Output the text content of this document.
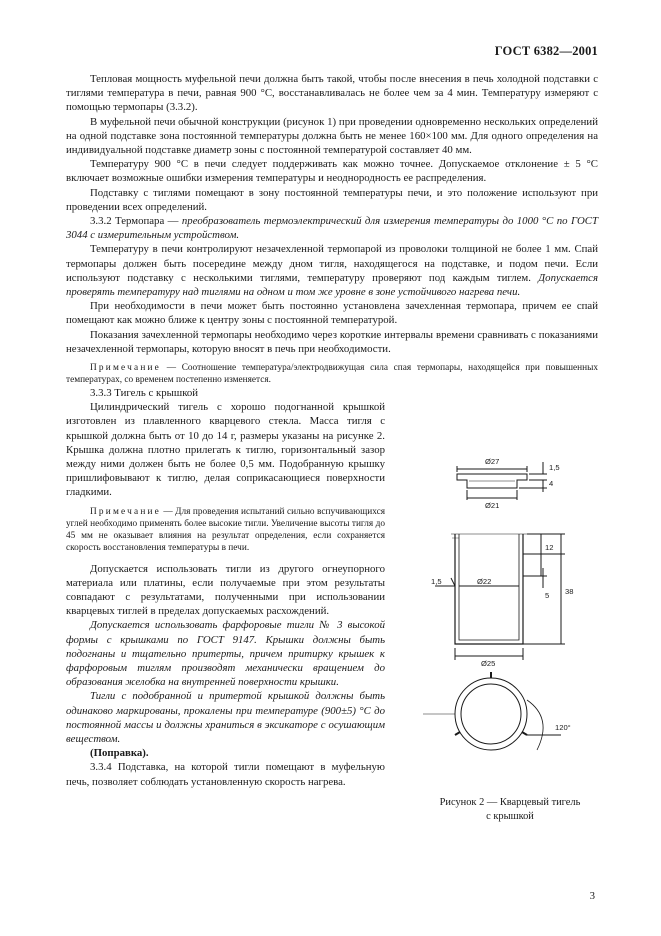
ГОСТ 6382—2001

Тепловая мощность муфельной печи должна быть такой, чтобы после внесения в печь холодной подставки с тиглями температура в печи, равная 900 °С, восстанавливалась не более чем за 4 мин. Температуру измеряют с помощью термопары (3.3.2).

В муфельной печи обычной конструкции (рисунок 1) при проведении одновременно нескольких определений на одной подставке зона постоянной температуры должна быть не менее 160×100 мм. Для одного определения на индивидуальной подставке диаметр зоны с постоянной температурой составляет 40 мм.

Температуру 900 °С в печи следует поддерживать как можно точнее. Допускаемое отклонение ± 5 °С включает возможные ошибки измерения температуры и неоднородность ее распределения.

Подставку с тиглями помещают в зону постоянной температуры печи, и это положение используют при проведении всех определений.

3.3.2 Термопара — преобразователь термоэлектрический для измерения температуры до 1000 °С по ГОСТ 3044 с измерительным устройством.

Температуру в печи контролируют незачехленной термопарой из проволоки толщиной не более 1 мм. Спай термопары должен быть посередине между дном тигля, находящегося на подставке, и подом печи. Если используют подставку с несколькими тиглями, температуру проверяют под каждым тиглем. Допускается проверять температуру над тиглями на одном и том же уровне в зоне устойчивого нагрева печи.

При необходимости в печи может быть постоянно установлена зачехленная термопара, причем ее спай помещают как можно ближе к центру зоны с постоянной температурой.

Показания зачехленной термопары необходимо через короткие интервалы времени сравнивать с показаниями незачехленной термопары, которую вносят в печь при необходимости.

Примечание — Соотношение температура/электродвижущая сила спая термопары, находящейся при повышенных температурах, со временем постепенно изменяется.

3.3.3 Тигель с крышкой

Цилиндрический тигель с хорошо подогнанной крышкой изготовлен из плавленного кварцевого стекла. Масса тигля с крышкой должна быть от 10 до 14 г, размеры указаны на рисунке 2. Крышка должна плотно прилегать к тиглю, горизонтальный зазор между ними должен быть не более 0,5 мм. Подобранную крышку пришлифовывают к тиглю, делая соприкасающиеся поверхности гладкими.

Примечание — Для проведения испытаний сильно вспучивающихся углей необходимо применять более высокие тигли. Увеличение высоты тигля до 45 мм не оказывает влияния на результат определения, если сохраняется скорость восстановления температуры в печи.

Допускается использовать тигли из другого огнеупорного материала или платины, если получаемые при этом результаты совпадают с результатами, полученными при использовании кварцевых тиглей в пределах допускаемых расхождений.

Допускается использовать фарфоровые тигли № 3 высокой формы с крышками по ГОСТ 9147. Крышки должны быть подогнаны и тщательно притерты, причем притирку крышек к фарфоровым тиглям производят механически вращением до образования желобка на внутренней поверхности крышки.

Тигли с подобранной и притертой крышкой должны быть одинаково маркированы, прокалены при температуре (900±5) °С до постоянной массы и должны храниться в эксикаторе с осушающим веществом.

(Поправка).

3.3.4 Подставка, на которой тигли помещают в муфельную печь, позволяет соблюдать установленную скорость нагрева.

Ø27
Ø21
1,5
4
1,5	Ø22
Ø25
12
5 38
120°
Рисунок 2 — Кварцевый тигель
с крышкой
3
